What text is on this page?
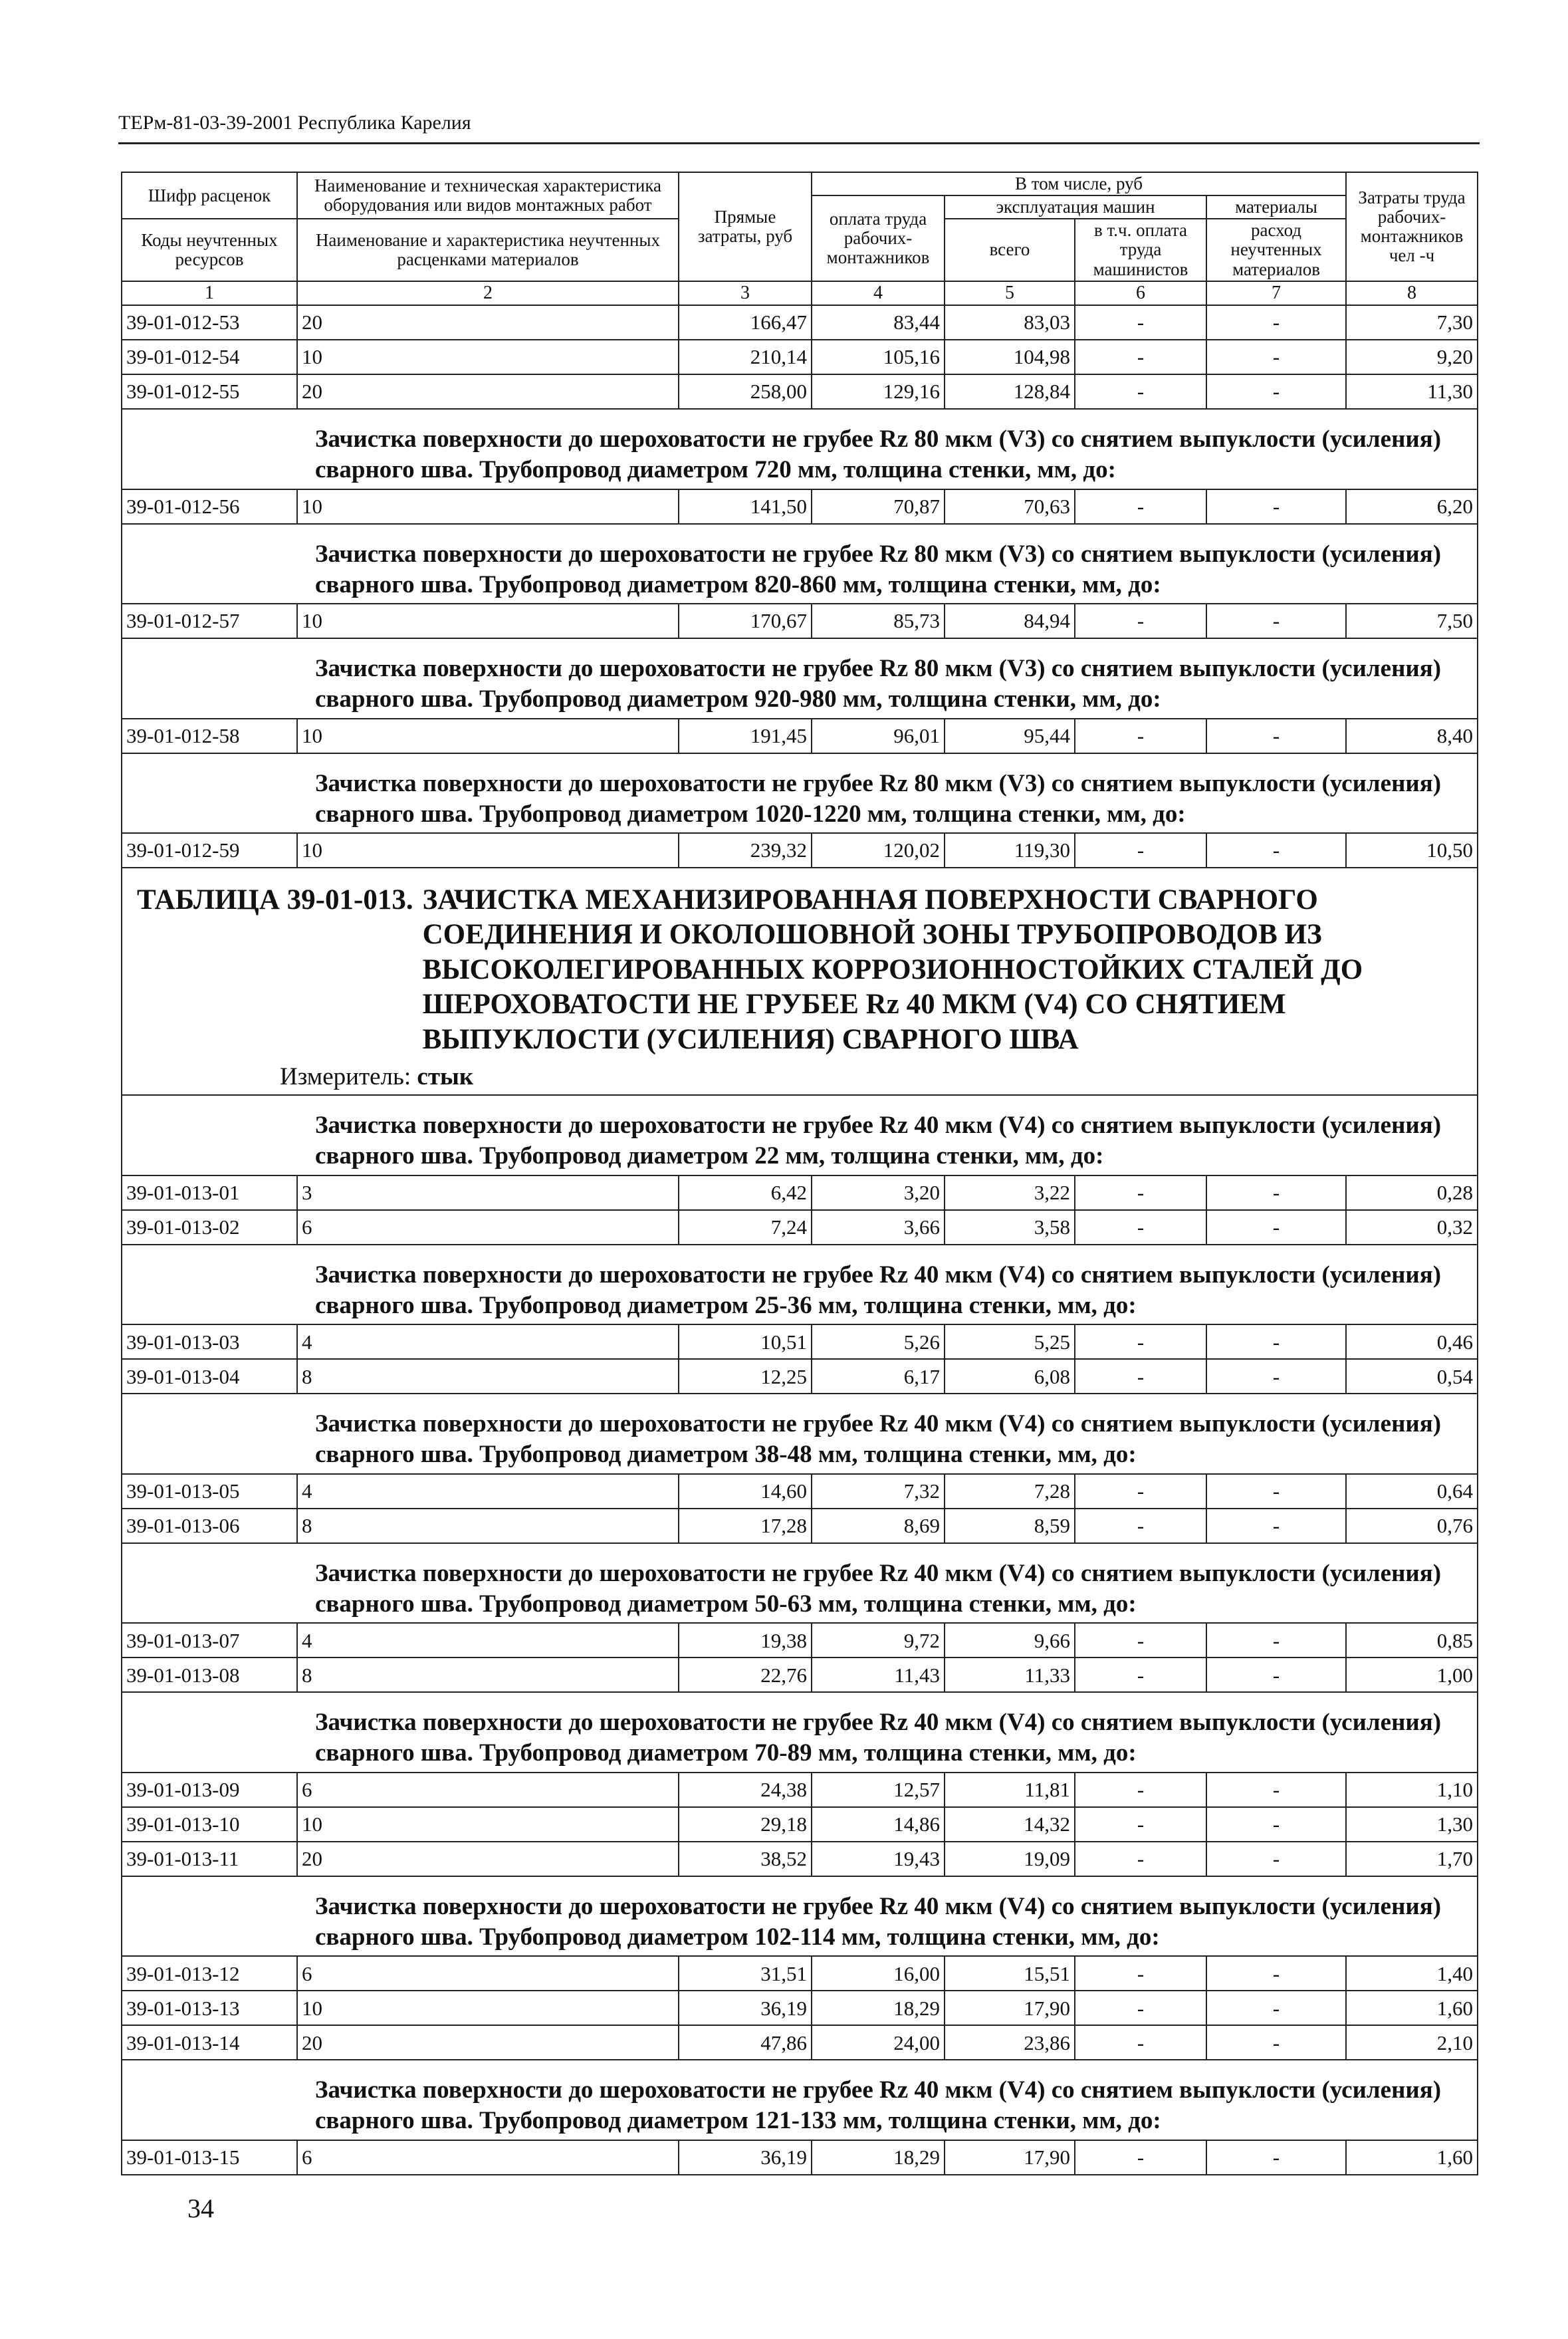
ТЕРм-81-03-39-2001 Республика Карелия
Шифр расценок	Наименование и техническая характеристика оборудования или видов монтажных работ	Прямые затраты, руб	В том числе, руб				Затраты труда рабочих-монтажников чел -ч
			оплата труда рабочих-монтажников	эксплуатация машин		материалы	
Коды неучтенных ресурсов	Наименование и характеристика неучтенных расценками материалов			всего	в т.ч. оплата труда машинистов	расход неучтенных материалов	
1	2	3	4	5	6	7	8
39-01-012-53	20	166,47	83,44	83,03	-	-	7,30
39-01-012-54	10	210,14	105,16	104,98	-	-	9,20
39-01-012-55	20	258,00	129,16	128,84	-	-	11,30
Зачистка поверхности до шероховатости не грубее Rz 80 мкм (V3) со снятием выпуклости (усиления) сварного шва. Трубопровод диаметром 720 мм, толщина стенки, мм, до:							
39-01-012-56	10	141,50	70,87	70,63	-	-	6,20
Зачистка поверхности до шероховатости не грубее Rz 80 мкм (V3) со снятием выпуклости (усиления) сварного шва. Трубопровод диаметром 820-860 мм, толщина стенки, мм, до:							
39-01-012-57	10	170,67	85,73	84,94	-	-	7,50
Зачистка поверхности до шероховатости не грубее Rz 80 мкм (V3) со снятием выпуклости (усиления) сварного шва. Трубопровод диаметром 920-980 мм, толщина стенки, мм, до:							
39-01-012-58	10	191,45	96,01	95,44	-	-	8,40
Зачистка поверхности до шероховатости не грубее Rz 80 мкм (V3) со снятием выпуклости (усиления) сварного шва. Трубопровод диаметром 1020-1220 мм, толщина стенки, мм, до:							
39-01-012-59	10	239,32	120,02	119,30	-	-	10,50

ТАБЛИЦА 39-01-013. ЗАЧИСТКА МЕХАНИЗИРОВАННАЯ ПОВЕРХНОСТИ СВАРНОГО СОЕДИНЕНИЯ И ОКОЛОШОВНОЙ ЗОНЫ ТРУБОПРОВОДОВ ИЗ ВЫСОКОЛЕГИРОВАННЫХ КОРРОЗИОННОСТОЙКИХ СТАЛЕЙ ДО ШЕРОХОВАТОСТИ НЕ ГРУБЕЕ Rz 40 МКМ (V4) СО СНЯТИЕМ ВЫПУКЛОСТИ (УСИЛЕНИЯ) СВАРНОГО ШВА
Измеритель: стык							

Зачистка поверхности до шероховатости не грубее Rz 40 мкм (V4) со снятием выпуклости (усиления) сварного шва. Трубопровод диаметром 22 мм, толщина стенки, мм, до:							
39-01-013-01	3	6,42	3,20	3,22	-	-	0,28
39-01-013-02	6	7,24	3,66	3,58	-	-	0,32
Зачистка поверхности до шероховатости не грубее Rz 40 мкм (V4) со снятием выпуклости (усиления) сварного шва. Трубопровод диаметром 25-36 мм, толщина стенки, мм, до:							
39-01-013-03	4	10,51	5,26	5,25	-	-	0,46
39-01-013-04	8	12,25	6,17	6,08	-	-	0,54
Зачистка поверхности до шероховатости не грубее Rz 40 мкм (V4) со снятием выпуклости (усиления) сварного шва. Трубопровод диаметром 38-48 мм, толщина стенки, мм, до:							
39-01-013-05	4	14,60	7,32	7,28	-	-	0,64
39-01-013-06	8	17,28	8,69	8,59	-	-	0,76
Зачистка поверхности до шероховатости не грубее Rz 40 мкм (V4) со снятием выпуклости (усиления) сварного шва. Трубопровод диаметром 50-63 мм, толщина стенки, мм, до:							
39-01-013-07	4	19,38	9,72	9,66	-	-	0,85
39-01-013-08	8	22,76	11,43	11,33	-	-	1,00
Зачистка поверхности до шероховатости не грубее Rz 40 мкм (V4) со снятием выпуклости (усиления) сварного шва. Трубопровод диаметром 70-89 мм, толщина стенки, мм, до:							
39-01-013-09	6	24,38	12,57	11,81	-	-	1,10
39-01-013-10	10	29,18	14,86	14,32	-	-	1,30
39-01-013-11	20	38,52	19,43	19,09	-	-	1,70
Зачистка поверхности до шероховатости не грубее Rz 40 мкм (V4) со снятием выпуклости (усиления) сварного шва. Трубопровод диаметром 102-114 мм, толщина стенки, мм, до:							
39-01-013-12	6	31,51	16,00	15,51	-	-	1,40
39-01-013-13	10	36,19	18,29	17,90	-	-	1,60
39-01-013-14	20	47,86	24,00	23,86	-	-	2,10
Зачистка поверхности до шероховатости не грубее Rz 40 мкм (V4) со снятием выпуклости (усиления) сварного шва. Трубопровод диаметром 121-133 мм, толщина стенки, мм, до:							
39-01-013-15	6	36,19	18,29	17,90	-	-	1,60
34
